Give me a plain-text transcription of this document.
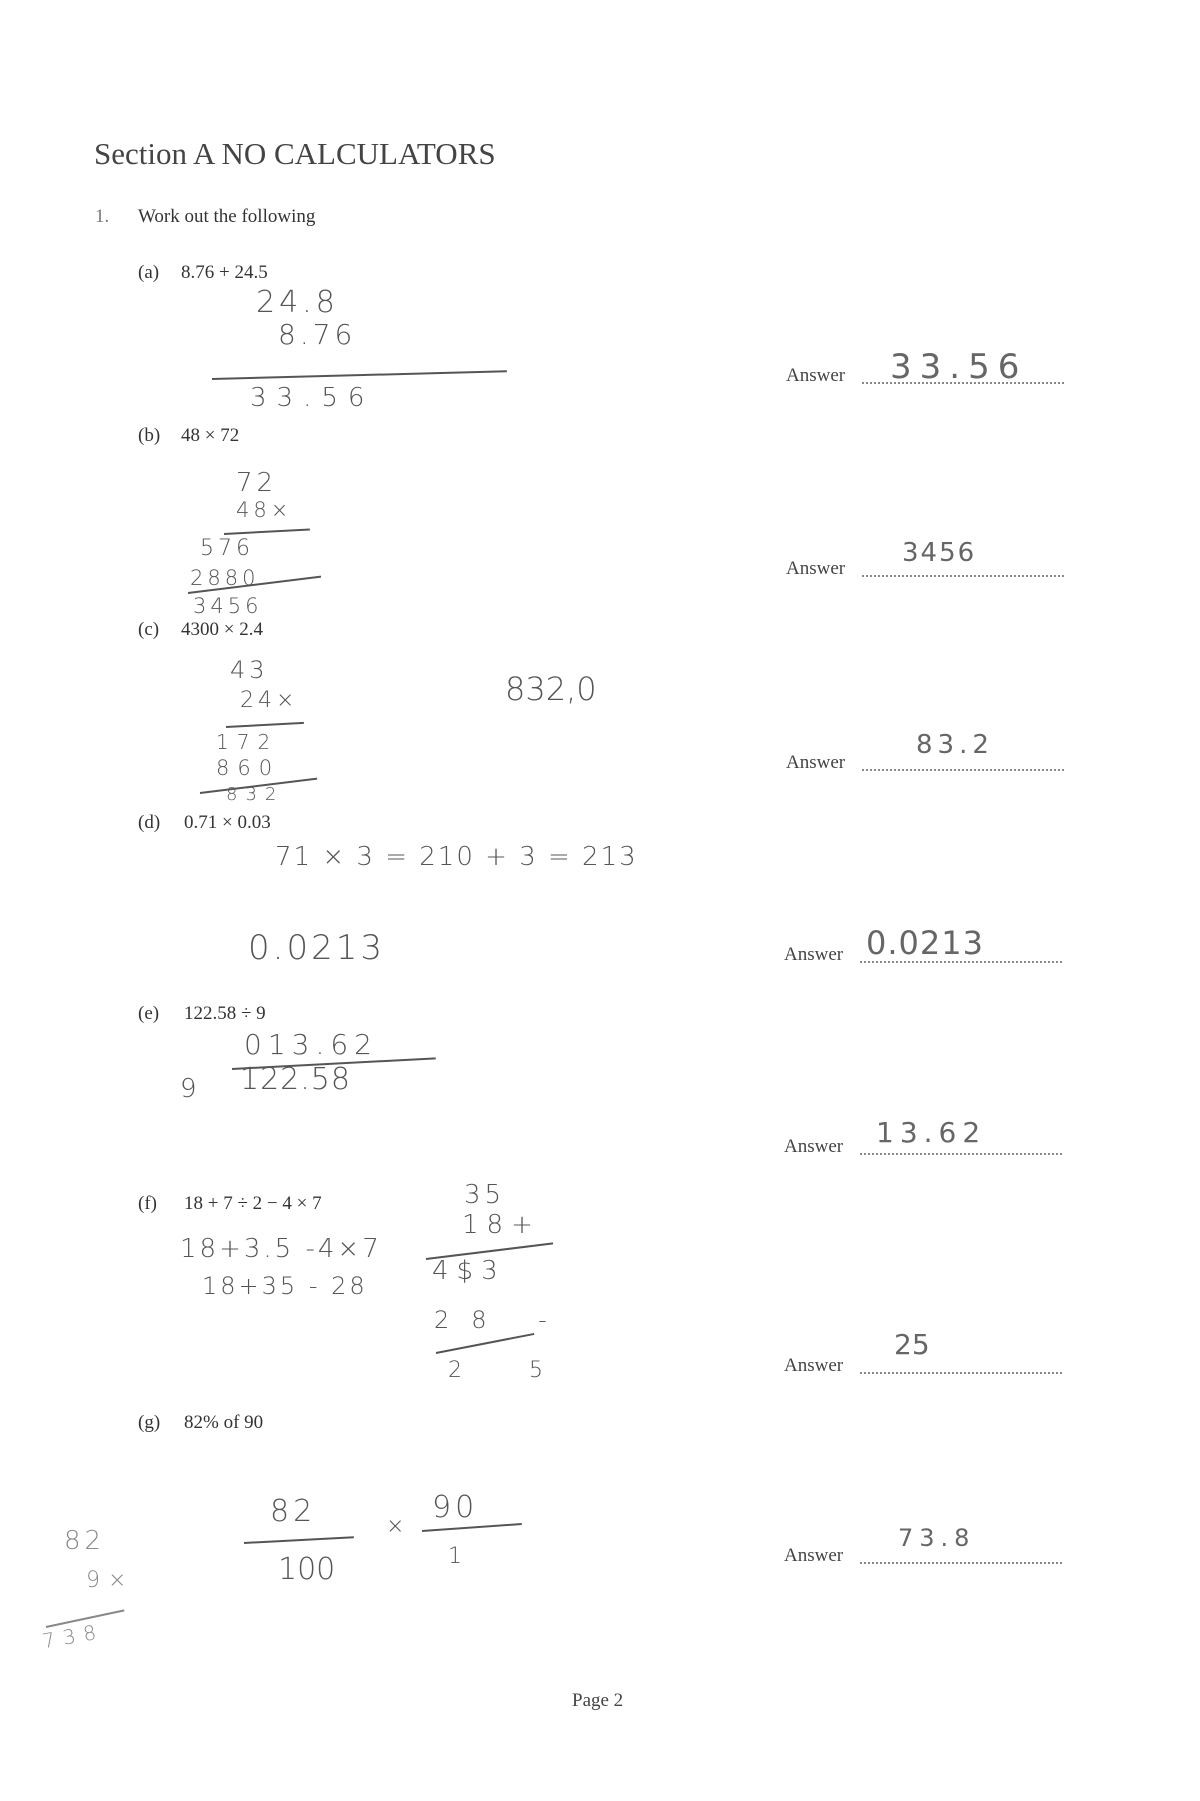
Section A NO CALCULATORS
1. Work out the following
(a) 8.76 + 24.5
24.8
8.76
33.56
Answer 33.56
(b) 48 × 72
72
48×
576
2880
3456
Answer
3456
(c) 4300 × 2.4
43
24×
172
860
832
832,0
Answer
83.2
(d) 0.71 × 0.03
71 × 3 = 210 + 3 = 213
0.0213	Answer 0.0213
(e) 122.58 ÷ 9
013.62
9 122.58
Answer 13.62
(f) 18 + 7 ÷ 2 − 4 × 7
18+3.5 -4×7
18+35 - 28
35
18+
4$3
28 -
2 5	Answer
25
(g) 82% of 90
82
100
×
90
1
82
9×
738
Answer
73.8
Page 2
